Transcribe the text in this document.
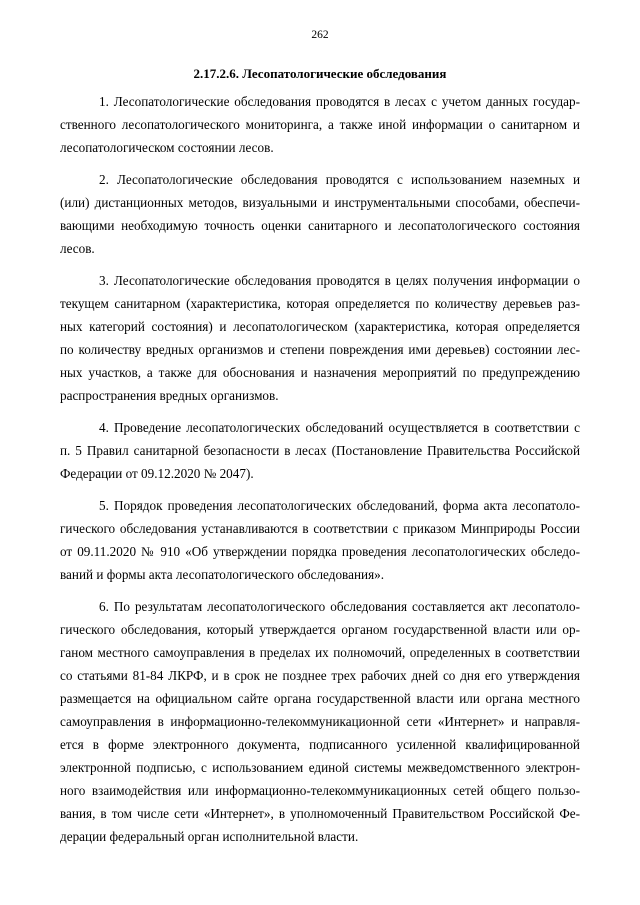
262
2.17.2.6. Лесопатологические обследования
1. Лесопатологические обследования проводятся в лесах с учетом данных государ-
ственного лесопатологического мониторинга, а также иной информации о санитарном и
лесопатологическом состоянии лесов.
2. Лесопатологические обследования проводятся с использованием наземных и
(или) дистанционных методов, визуальными и инструментальными способами, обеспечи-
вающими необходимую точность оценки санитарного и лесопатологического состояния
лесов.
3. Лесопатологические обследования проводятся в целях получения информации о
текущем санитарном (характеристика, которая определяется по количеству деревьев раз-
ных категорий состояния) и лесопатологическом (характеристика, которая определяется
по количеству вредных организмов и степени повреждения ими деревьев) состоянии лес-
ных участков, а также для обоснования и назначения мероприятий по предупреждению
распространения вредных организмов.
4. Проведение лесопатологических обследований осуществляется в соответствии с
п. 5 Правил санитарной безопасности в лесах (Постановление Правительства Российской
Федерации от 09.12.2020 № 2047).
5. Порядок проведения лесопатологических обследований, форма акта лесопатоло-
гического обследования устанавливаются в соответствии с приказом Минприроды России
от 09.11.2020 № 910 «Об утверждении порядка проведения лесопатологических обследо-
ваний и формы акта лесопатологического обследования».
6. По результатам лесопатологического обследования составляется акт лесопатоло-
гического обследования, который утверждается органом государственной власти или ор-
ганом местного самоуправления в пределах их полномочий, определенных в соответствии
со статьями 81-84 ЛКРФ, и в срок не позднее трех рабочих дней со дня его утверждения
размещается на официальном сайте органа государственной власти или органа местного
самоуправления в информационно-телекоммуникационной сети «Интернет» и направля-
ется в форме электронного документа, подписанного усиленной квалифицированной
электронной подписью, с использованием единой системы межведомственного электрон-
ного взаимодействия или информационно-телекоммуникационных сетей общего пользо-
вания, в том числе сети «Интернет», в уполномоченный Правительством Российской Фе-
дерации федеральный орган исполнительной власти.
